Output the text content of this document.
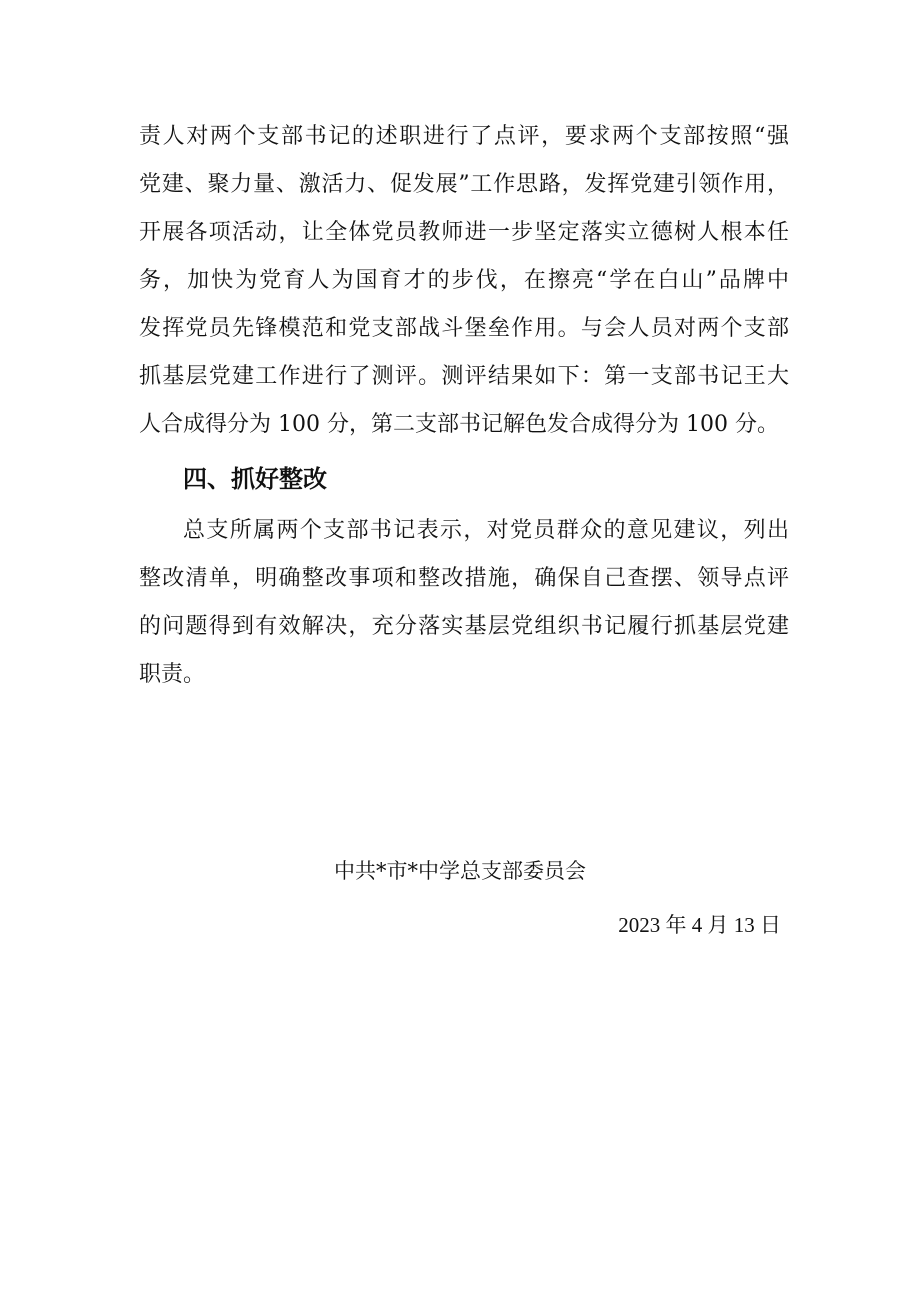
责人对两个支部书记的述职进行了点评，要求两个支部按照“强
党建、聚力量、激活力、促发展”工作思路，发挥党建引领作用，
开展各项活动，让全体党员教师进一步坚定落实立德树人根本任
务，加快为党育人为国育才的步伐，在擦亮“学在白山”品牌中
发挥党员先锋模范和党支部战斗堡垒作用。与会人员对两个支部
抓基层党建工作进行了测评。测评结果如下：第一支部书记王大
人合成得分为 100 分，第二支部书记解色发合成得分为 100 分。
四、抓好整改
总支所属两个支部书记表示，对党员群众的意见建议，列出
整改清单，明确整改事项和整改措施，确保自己查摆、领导点评
的问题得到有效解决，充分落实基层党组织书记履行抓基层党建
职责。
中共*市*中学总支部委员会
2023 年 4 月 13 日
